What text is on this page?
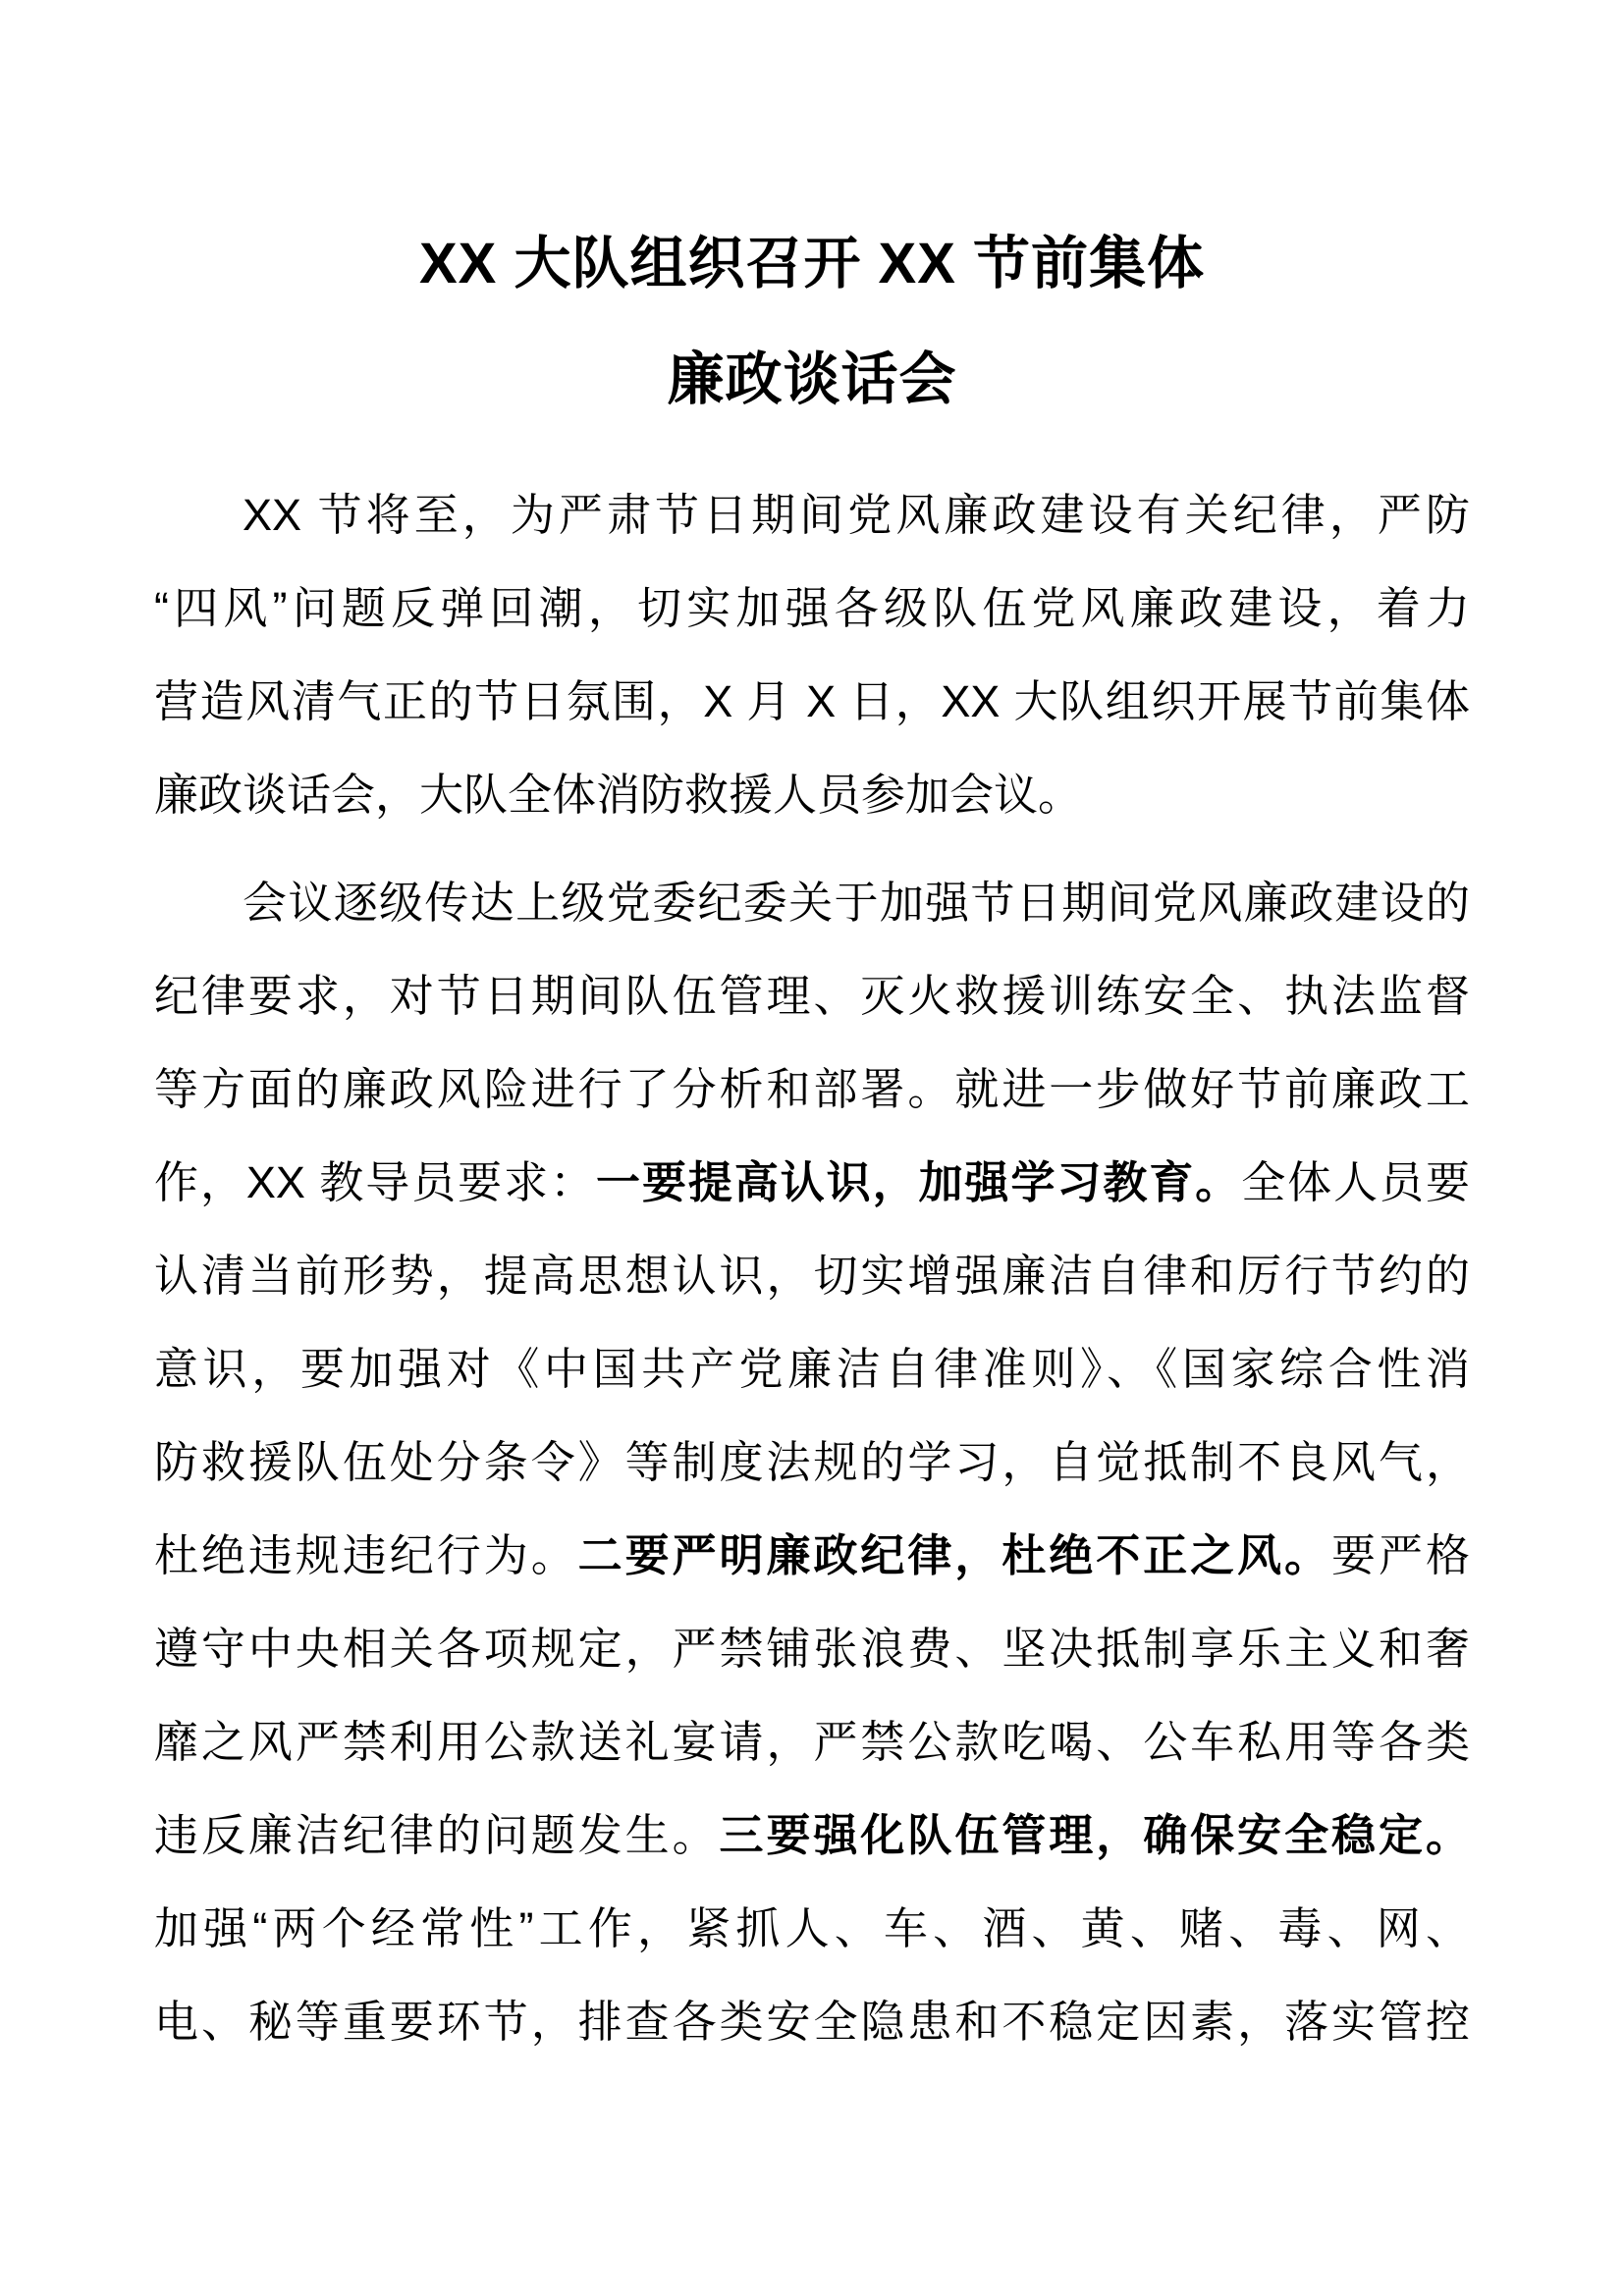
XX 大队组织召开 XX 节前集体
廉政谈话会
XX 节将至，为严肃节日期间党风廉政建设有关纪律，严防
“四风”问题反弹回潮，切实加强各级队伍党风廉政建设，着力
营造风清气正的节日氛围，X 月 X 日，XX 大队组织开展节前集体
廉政谈话会，大队全体消防救援人员参加会议。
会议逐级传达上级党委纪委关于加强节日期间党风廉政建设的
纪律要求，对节日期间队伍管理、灭火救援训练安全、执法监督
等方面的廉政风险进行了分析和部署。就进一步做好节前廉政工
作，XX 教导员要求：一要提高认识，加强学习教育。全体人员要
认清当前形势，提高思想认识，切实增强廉洁自律和厉行节约的
意识，要加强对《中国共产党廉洁自律准则》、《国家综合性消
防救援队伍处分条令》等制度法规的学习，自觉抵制不良风气，
杜绝违规违纪行为。二要严明廉政纪律，杜绝不正之风。要严格
遵守中央相关各项规定，严禁铺张浪费、坚决抵制享乐主义和奢
靡之风严禁利用公款送礼宴请，严禁公款吃喝、公车私用等各类
违反廉洁纪律的问题发生。三要强化队伍管理，确保安全稳定。
加强“两个经常性”工作，紧抓人、车、酒、黄、赌、毒、网、
电、秘等重要环节，排查各类安全隐患和不稳定因素，落实管控
